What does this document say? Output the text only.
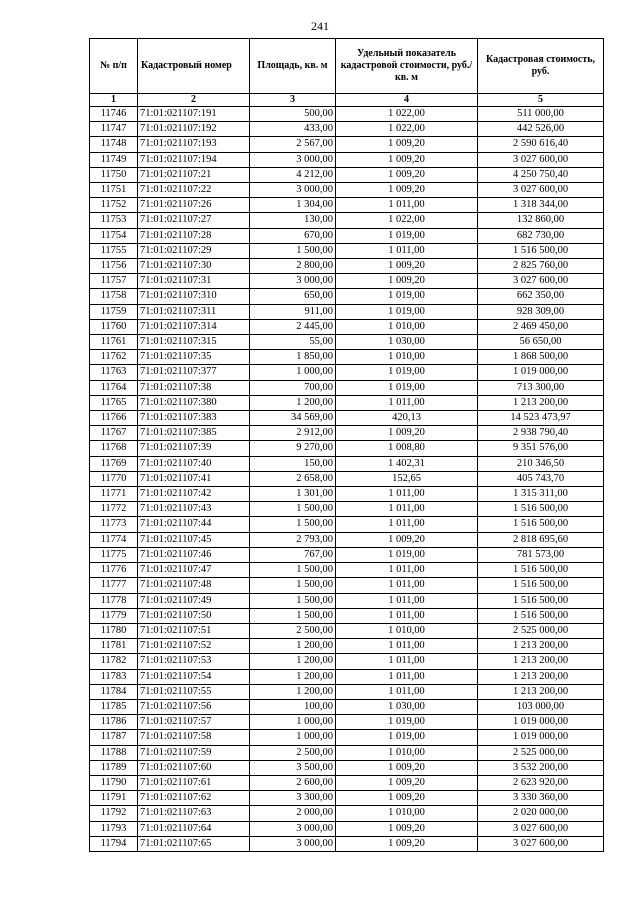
241
№ п/п	Кадастровый номер	Площадь, кв. м	Удельный показатель кадастровой стоимости, руб./кв. м	Кадастровая стоимость, руб.
1	2	3	4	5
11746	71:01:021107:191	500,00	1 022,00	511 000,00
11747	71:01:021107:192	433,00	1 022,00	442 526,00
11748	71:01:021107:193	2 567,00	1 009,20	2 590 616,40
11749	71:01:021107:194	3 000,00	1 009,20	3 027 600,00
11750	71:01:021107:21	4 212,00	1 009,20	4 250 750,40
11751	71:01:021107:22	3 000,00	1 009,20	3 027 600,00
11752	71:01:021107:26	1 304,00	1 011,00	1 318 344,00
11753	71:01:021107:27	130,00	1 022,00	132 860,00
11754	71:01:021107:28	670,00	1 019,00	682 730,00
11755	71:01:021107:29	1 500,00	1 011,00	1 516 500,00
11756	71:01:021107:30	2 800,00	1 009,20	2 825 760,00
11757	71:01:021107:31	3 000,00	1 009,20	3 027 600,00
11758	71:01:021107:310	650,00	1 019,00	662 350,00
11759	71:01:021107:311	911,00	1 019,00	928 309,00
11760	71:01:021107:314	2 445,00	1 010,00	2 469 450,00
11761	71:01:021107:315	55,00	1 030,00	56 650,00
11762	71:01:021107:35	1 850,00	1 010,00	1 868 500,00
11763	71:01:021107:377	1 000,00	1 019,00	1 019 000,00
11764	71:01:021107:38	700,00	1 019,00	713 300,00
11765	71:01:021107:380	1 200,00	1 011,00	1 213 200,00
11766	71:01:021107:383	34 569,00	420,13	14 523 473,97
11767	71:01:021107:385	2 912,00	1 009,20	2 938 790,40
11768	71:01:021107:39	9 270,00	1 008,80	9 351 576,00
11769	71:01:021107:40	150,00	1 402,31	210 346,50
11770	71:01:021107:41	2 658,00	152,65	405 743,70
11771	71:01:021107:42	1 301,00	1 011,00	1 315 311,00
11772	71:01:021107:43	1 500,00	1 011,00	1 516 500,00
11773	71:01:021107:44	1 500,00	1 011,00	1 516 500,00
11774	71:01:021107:45	2 793,00	1 009,20	2 818 695,60
11775	71:01:021107:46	767,00	1 019,00	781 573,00
11776	71:01:021107:47	1 500,00	1 011,00	1 516 500,00
11777	71:01:021107:48	1 500,00	1 011,00	1 516 500,00
11778	71:01:021107:49	1 500,00	1 011,00	1 516 500,00
11779	71:01:021107:50	1 500,00	1 011,00	1 516 500,00
11780	71:01:021107:51	2 500,00	1 010,00	2 525 000,00
11781	71:01:021107:52	1 200,00	1 011,00	1 213 200,00
11782	71:01:021107:53	1 200,00	1 011,00	1 213 200,00
11783	71:01:021107:54	1 200,00	1 011,00	1 213 200,00
11784	71:01:021107:55	1 200,00	1 011,00	1 213 200,00
11785	71:01:021107:56	100,00	1 030,00	103 000,00
11786	71:01:021107:57	1 000,00	1 019,00	1 019 000,00
11787	71:01:021107:58	1 000,00	1 019,00	1 019 000,00
11788	71:01:021107:59	2 500,00	1 010,00	2 525 000,00
11789	71:01:021107:60	3 500,00	1 009,20	3 532 200,00
11790	71:01:021107:61	2 600,00	1 009,20	2 623 920,00
11791	71:01:021107:62	3 300,00	1 009,20	3 330 360,00
11792	71:01:021107:63	2 000,00	1 010,00	2 020 000,00
11793	71:01:021107:64	3 000,00	1 009,20	3 027 600,00
11794	71:01:021107:65	3 000,00	1 009,20	3 027 600,00
